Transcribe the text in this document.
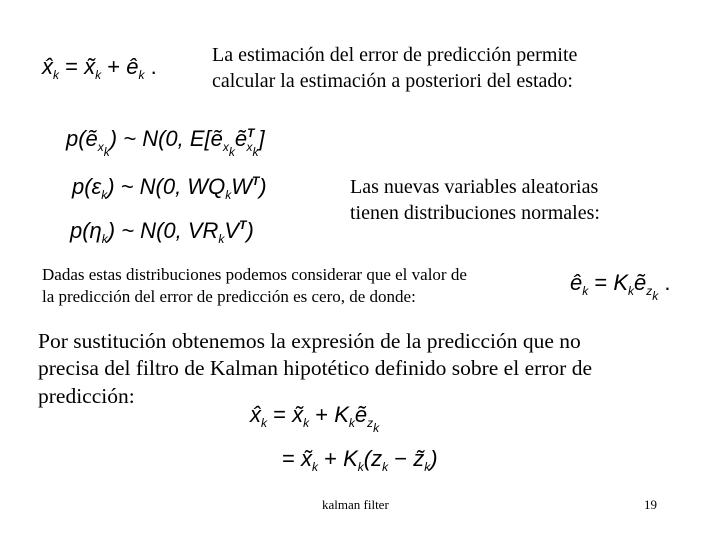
$x̂_k$ = $x̃_k$ + $ê_k$ .	La estimación del error de predicción permite
calcular la estimación a posteriori del estado:
$p(ẽ_{x_k})$ ~ N(0, $E[ẽ_{x_k}ẽ^T_{x_k}]$
$p(\varepsilon_k)$ ~ N(0, $WQ_kW^T$)
$p(\eta_k)$ ~ N(0, $VR_kV^T$)
Las nuevas variables aleatorias
tienen distribuciones normales:
Dadas estas distribuciones podemos considerar que el valor de
la predicción del error de predicción es cero, de donde:
$ê_k$ = $K_kẽ_{z_k}$ .
Por sustitución obtenemos la expresión de la predicción que no
precisa del filtro de Kalman hipotético definido sobre el error de
predicción:
$x̂_k$ = $x̃_k$ + $K_kẽ_{z_k}$
= $x̃_k + K_k(z_k$ − $z̃_k$)
kalman filter	19
